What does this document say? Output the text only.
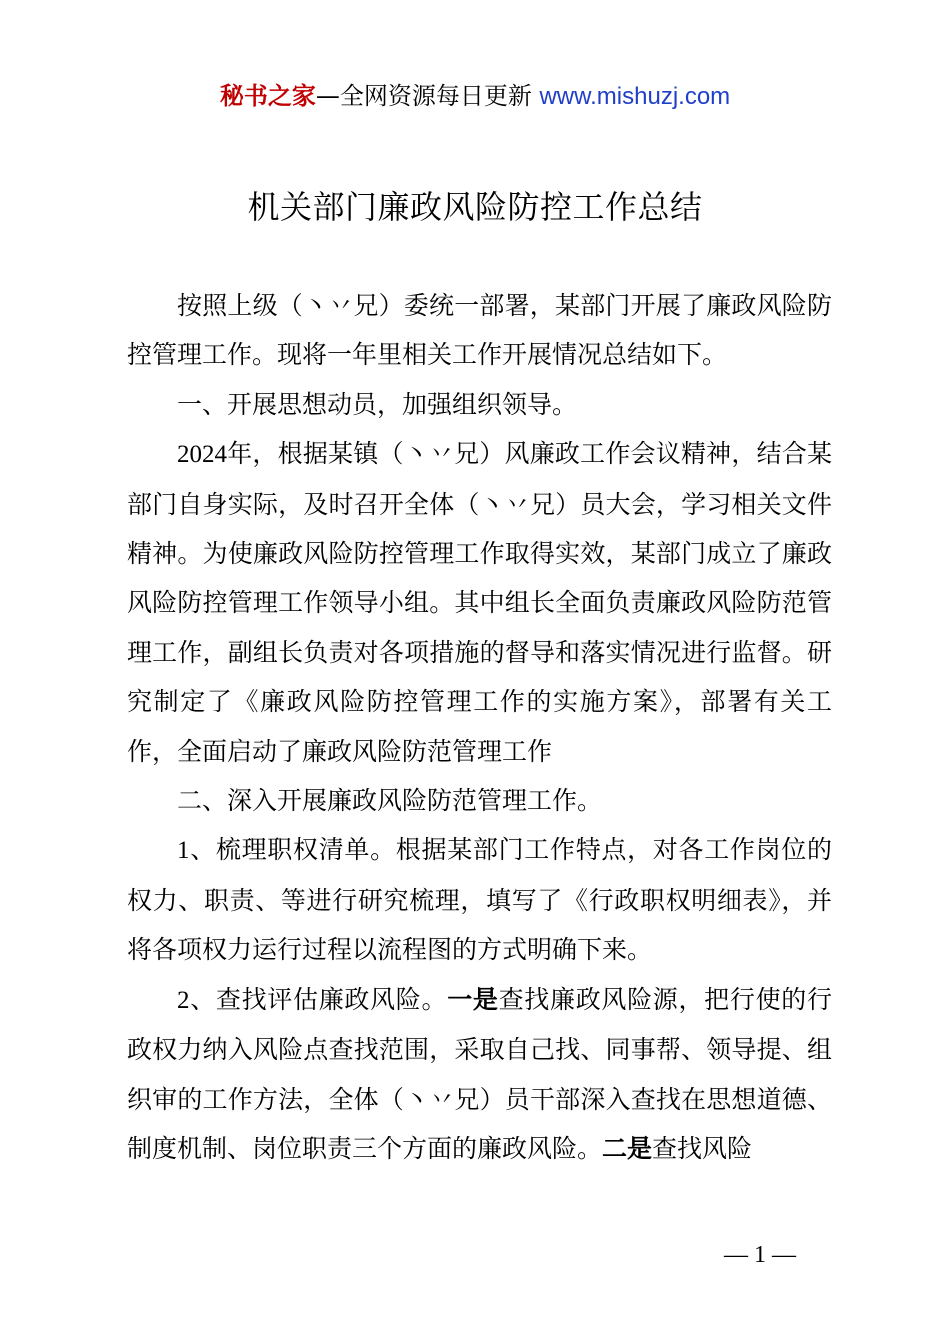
秘书之家—全网资源每日更新 www.mishuzj.com
机关部门廉政风险防控工作总结

按照上级（丶丷兄）委统一部署，某部门开展了廉政风险防控管理工作。现将一年里相关工作开展情况总结如下。

一、开展思想动员，加强组织领导。

2024年，根据某镇（丶丷兄）风廉政工作会议精神，结合某部门自身实际，及时召开全体（丶丷兄）员大会，学习相关文件精神。为使廉政风险防控管理工作取得实效，某部门成立了廉政风险防控管理工作领导小组。其中组长全面负责廉政风险防范管理工作，副组长负责对各项措施的督导和落实情况进行监督。研究制定了《廉政风险防控管理工作的实施方案》，部署有关工作，全面启动了廉政风险防范管理工作

二、深入开展廉政风险防范管理工作。

1、梳理职权清单。根据某部门工作特点，对各工作岗位的权力、职责、等进行研究梳理，填写了《行政职权明细表》，并将各项权力运行过程以流程图的方式明确下来。

2、查找评估廉政风险。一是查找廉政风险源，把行使的行政权力纳入风险点查找范围，采取自己找、同事帮、领导提、组织审的工作方法，全体（丶丷兄）员干部深入查找在思想道德、制度机制、岗位职责三个方面的廉政风险。二是查找风险

— 1 —
